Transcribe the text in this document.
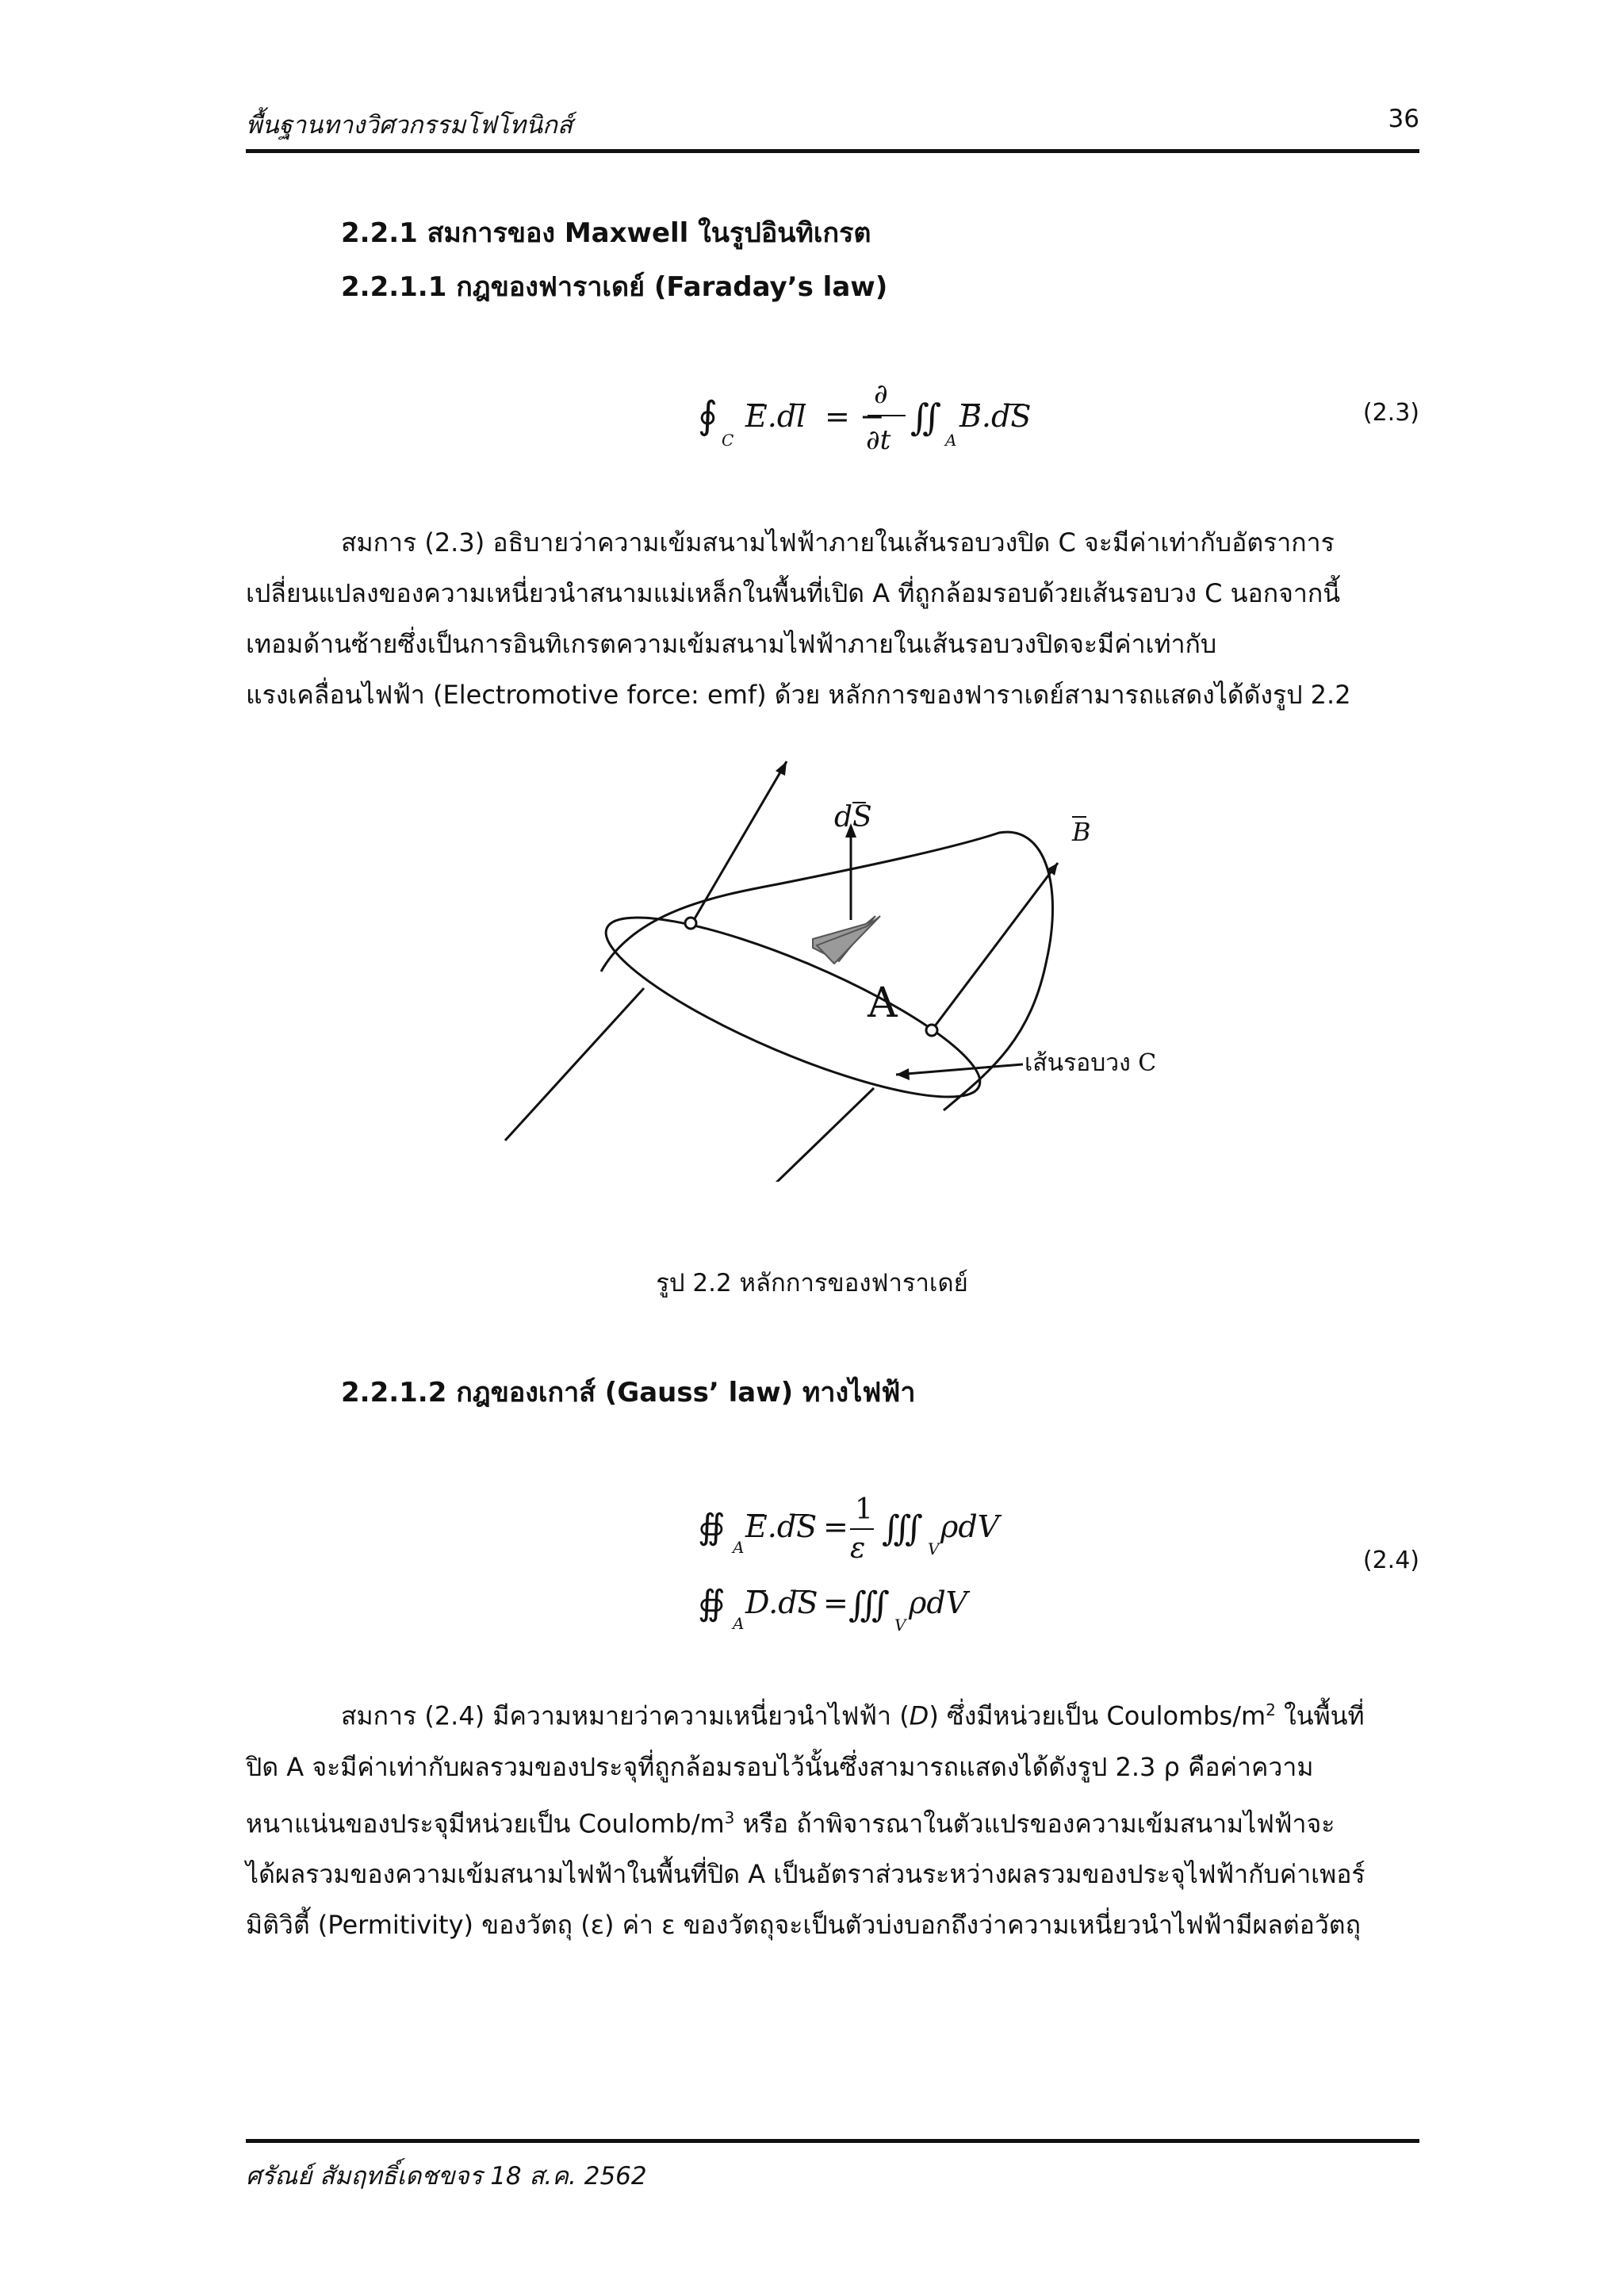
พื้นฐานทางวิศวกรรมโฟโทนิกส์	36
2.2.1 สมการของ Maxwell ในรูปอินทิเกรต
2.2.1.1 กฎของฟาราเดย์ (Faraday’s law)
∮
C
E.dl = −
∂
∂t
∬
A
B.dS	(2.3)
สมการ (2.3) อธิบายว่าความเข้มสนามไฟฟ้าภายในเส้นรอบวงปิด C จะมีค่าเท่ากับอัตราการ
เปลี่ยนแปลงของความเหนี่ยวนำสนามแม่เหล็กในพื้นที่เปิด A ที่ถูกล้อมรอบด้วยเส้นรอบวง C นอกจากนี้
เทอมด้านซ้ายซึ่งเป็นการอินทิเกรตความเข้มสนามไฟฟ้าภายในเส้นรอบวงปิดจะมีค่าเท่ากับ
แรงเคลื่อนไฟฟ้า (Electromotive force: emf) ด้วย หลักการของฟาราเดย์สามารถแสดงได้ดังรูป 2.2
dS	B
A
เส้นรอบวง C
รูป 2.2 หลักการของฟาราเดย์
2.2.1.2 กฎของเกาส์ (Gauss’ law) ทางไฟฟ้า
∯ A
E.dS = 1
ε ∭ V
ρdV
∯ A
D.dS = ∭ V
ρdV
(2.4)
สมการ (2.4) มีความหมายว่าความเหนี่ยวนำไฟฟ้า (D) ซึ่งมีหน่วยเป็น Coulombs/$m^2$ ในพื้นที่
ปิด A จะมีค่าเท่ากับผลรวมของประจุที่ถูกล้อมรอบไว้นั้นซึ่งสามารถแสดงได้ดังรูป 2.3 ρ คือค่าความ
หนาแน่นของประจุมีหน่วยเป็น Coulomb/$m^3$ หรือ ถ้าพิจารณาในตัวแปรของความเข้มสนามไฟฟ้าจะ
ได้ผลรวมของความเข้มสนามไฟฟ้าในพื้นที่ปิด A เป็นอัตราส่วนระหว่างผลรวมของประจุไฟฟ้ากับค่าเพอร์
มิติวิตี้ (Permitivity) ของวัตถุ (ε) ค่า ε ของวัตถุจะเป็นตัวบ่งบอกถึงว่าความเหนี่ยวนำไฟฟ้ามีผลต่อวัตถุ
ศรัณย์ สัมฤทธิ์เดชขจร 18 ส.ค. 2562
